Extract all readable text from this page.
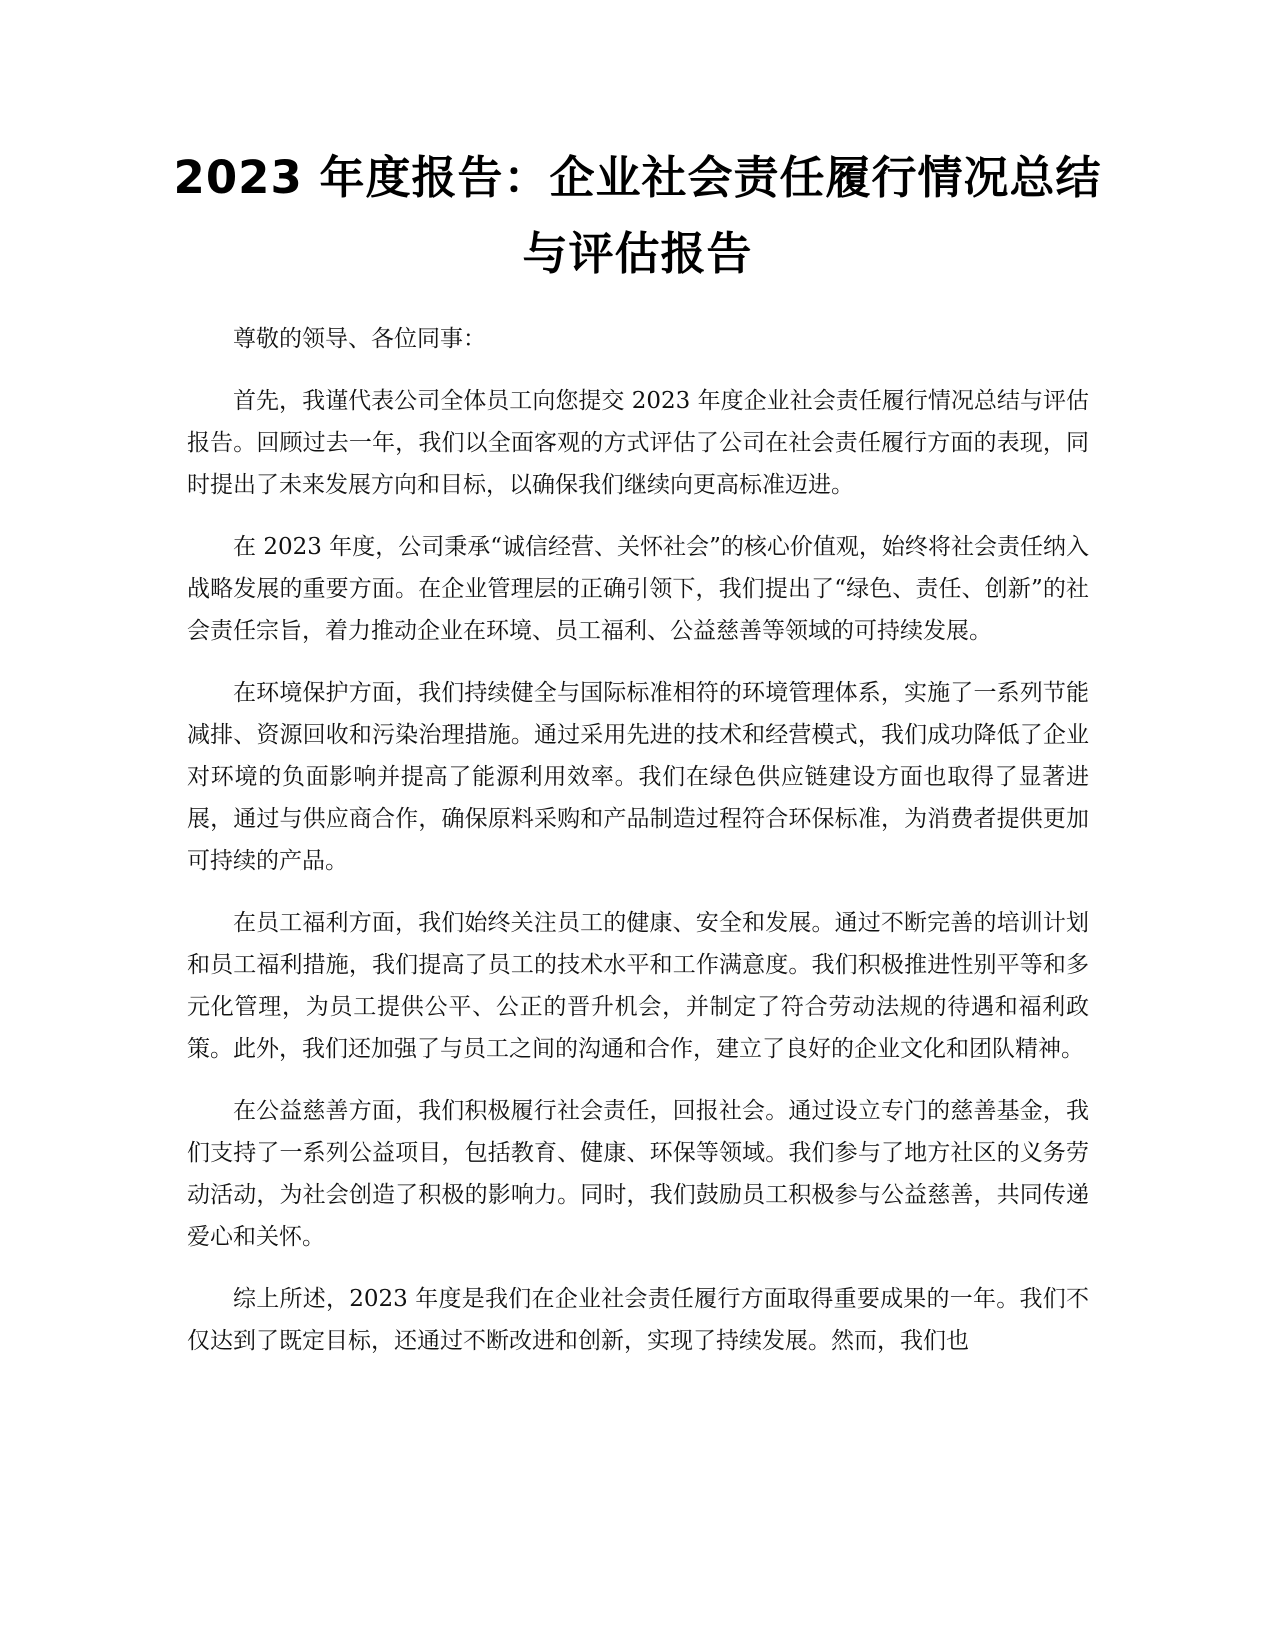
2023 年度报告：企业社会责任履行情况总结与评估报告

尊敬的领导、各位同事：

首先，我谨代表公司全体员工向您提交 2023 年度企业社会责任履行情况总结与评估报告。回顾过去一年，我们以全面客观的方式评估了公司在社会责任履行方面的表现，同时提出了未来发展方向和目标，以确保我们继续向更高标准迈进。

在 2023 年度，公司秉承“诚信经营、关怀社会”的核心价值观，始终将社会责任纳入战略发展的重要方面。在企业管理层的正确引领下，我们提出了“绿色、责任、创新”的社会责任宗旨，着力推动企业在环境、员工福利、公益慈善等领域的可持续发展。

在环境保护方面，我们持续健全与国际标准相符的环境管理体系，实施了一系列节能减排、资源回收和污染治理措施。通过采用先进的技术和经营模式，我们成功降低了企业对环境的负面影响并提高了能源利用效率。我们在绿色供应链建设方面也取得了显著进展，通过与供应商合作，确保原料采购和产品制造过程符合环保标准，为消费者提供更加可持续的产品。

在员工福利方面，我们始终关注员工的健康、安全和发展。通过不断完善的培训计划和员工福利措施，我们提高了员工的技术水平和工作满意度。我们积极推进性别平等和多元化管理，为员工提供公平、公正的晋升机会，并制定了符合劳动法规的待遇和福利政策。此外，我们还加强了与员工之间的沟通和合作，建立了良好的企业文化和团队精神。

在公益慈善方面，我们积极履行社会责任，回报社会。通过设立专门的慈善基金，我们支持了一系列公益项目，包括教育、健康、环保等领域。我们参与了地方社区的义务劳动活动，为社会创造了积极的影响力。同时，我们鼓励员工积极参与公益慈善，共同传递爱心和关怀。

综上所述，2023 年度是我们在企业社会责任履行方面取得重要成果的一年。我们不仅达到了既定目标，还通过不断改进和创新，实现了持续发展。然而，我们也
